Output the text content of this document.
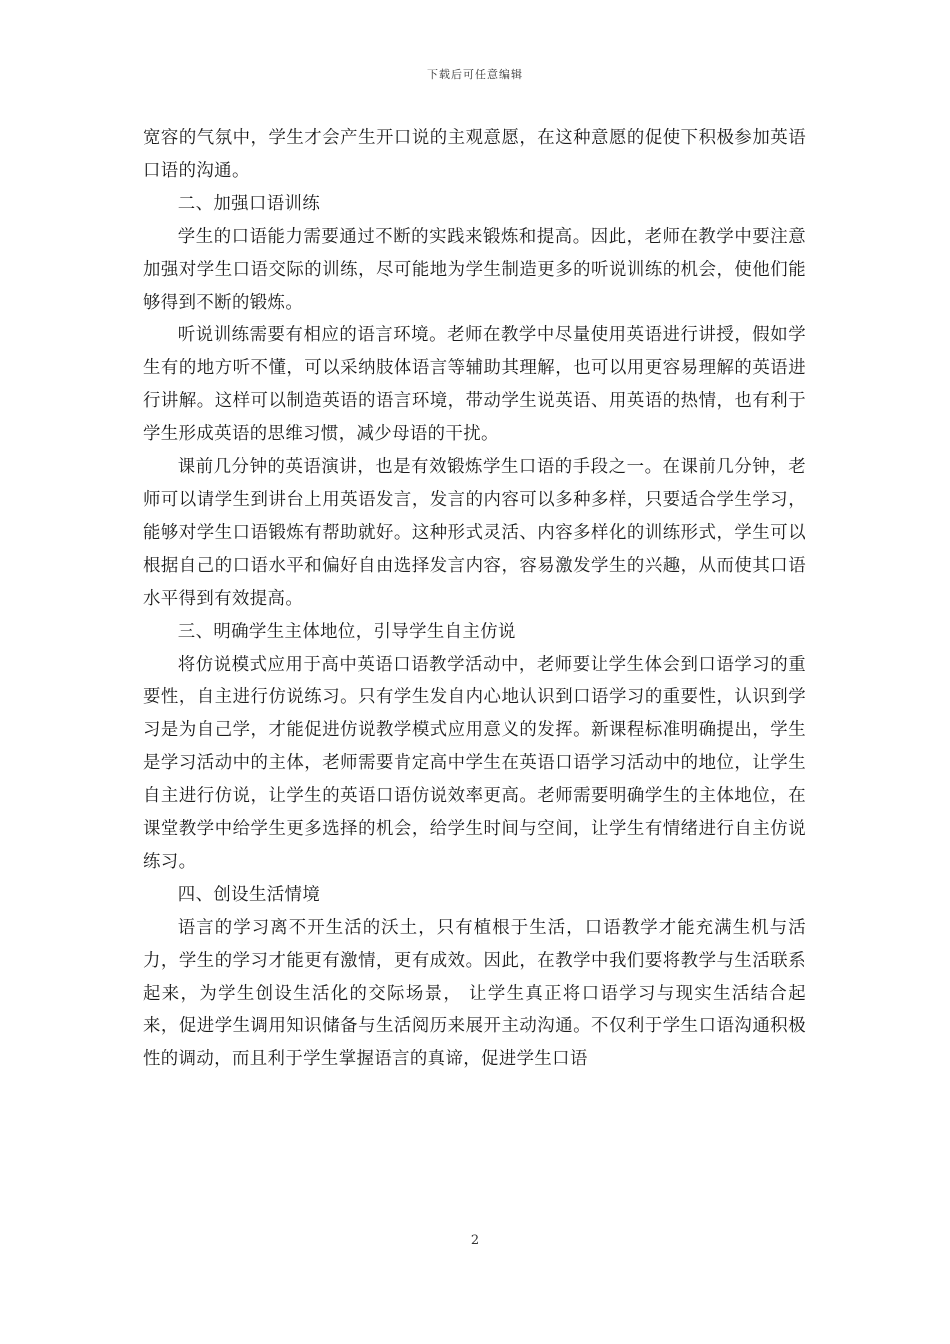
下载后可任意编辑

宽容的气氛中，学生才会产生开口说的主观意愿，在这种意愿的促使下积极参加英语口语的沟通。

二、加强口语训练

学生的口语能力需要通过不断的实践来锻炼和提高。因此，老师在教学中要注意加强对学生口语交际的训练，尽可能地为学生制造更多的听说训练的机会，使他们能够得到不断的锻炼。

听说训练需要有相应的语言环境。老师在教学中尽量使用英语进行讲授，假如学生有的地方听不懂，可以采纳肢体语言等辅助其理解，也可以用更容易理解的英语进行讲解。这样可以制造英语的语言环境，带动学生说英语、用英语的热情，也有利于学生形成英语的思维习惯，减少母语的干扰。

课前几分钟的英语演讲，也是有效锻炼学生口语的手段之一。在课前几分钟，老师可以请学生到讲台上用英语发言，发言的内容可以多种多样，只要适合学生学习，能够对学生口语锻炼有帮助就好。这种形式灵活、内容多样化的训练形式，学生可以根据自己的口语水平和偏好自由选择发言内容，容易激发学生的兴趣，从而使其口语水平得到有效提高。

三、明确学生主体地位，引导学生自主仿说

将仿说模式应用于高中英语口语教学活动中，老师要让学生体会到口语学习的重要性，自主进行仿说练习。只有学生发自内心地认识到口语学习的重要性，认识到学习是为自己学，才能促进仿说教学模式应用意义的发挥。新课程标准明确提出，学生是学习活动中的主体，老师需要肯定高中学生在英语口语学习活动中的地位，让学生自主进行仿说，让学生的英语口语仿说效率更高。老师需要明确学生的主体地位，在课堂教学中给学生更多选择的机会，给学生时间与空间，让学生有情绪进行自主仿说练习。

四、创设生活情境

语言的学习离不开生活的沃土，只有植根于生活，口语教学才能充满生机与活力，学生的学习才能更有激情，更有成效。因此，在教学中我们要将教学与生活联系起来，为学生创设生活化的交际场景， 让学生真正将口语学习与现实生活结合起来，促进学生调用知识储备与生活阅历来展开主动沟通。不仅利于学生口语沟通积极性的调动，而且利于学生掌握语言的真谛，促进学生口语

2
